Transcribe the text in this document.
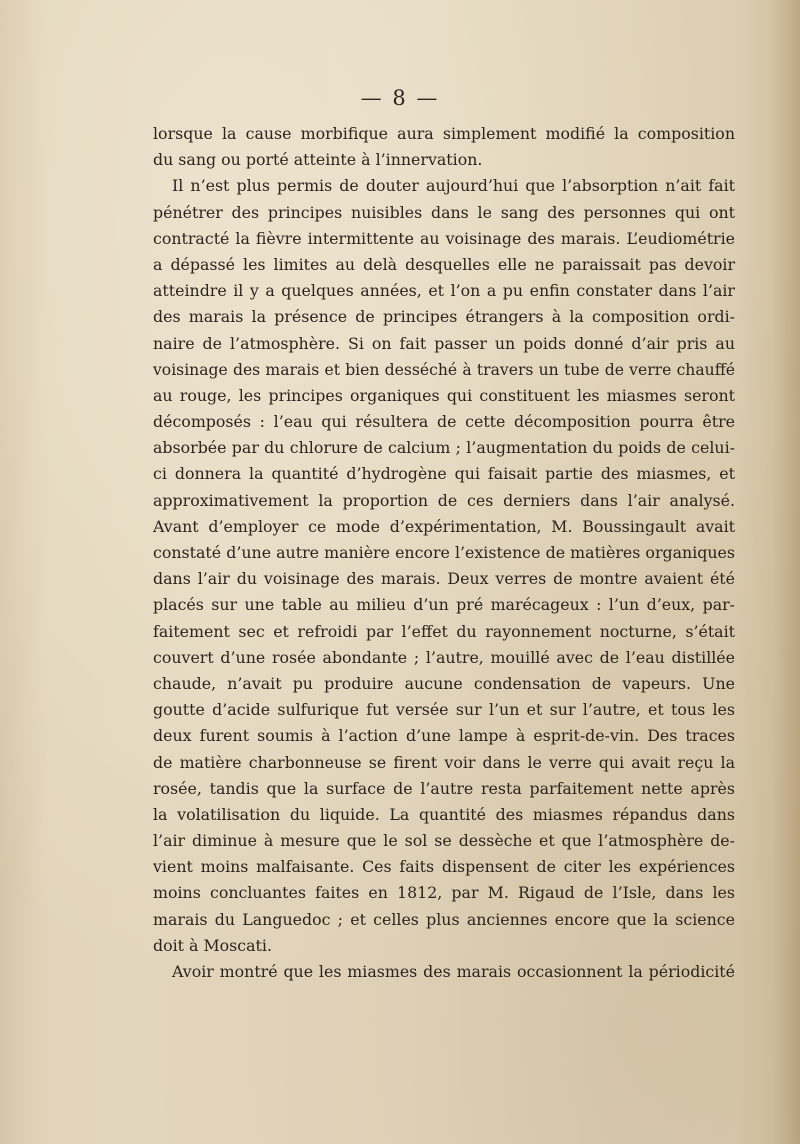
— 8 —
lorsque la cause morbifique aura simplement modifié la composition
du sang ou porté atteinte à l’innervation.
Il n’est plus permis de douter aujourd’hui que l’absorption n’ait fait
pénétrer des principes nuisibles dans le sang des personnes qui ont
contracté la fièvre intermittente au voisinage des marais. L’eudiométrie
a dépassé les limites au delà desquelles elle ne paraissait pas devoir
atteindre il y a quelques années, et l’on a pu enfin constater dans l’air
des marais la présence de principes étrangers à la composition ordi-
naire de l’atmosphère. Si on fait passer un poids donné d’air pris au
voisinage des marais et bien desséché à travers un tube de verre chauffé
au rouge, les principes organiques qui constituent les miasmes seront
décomposés : l’eau qui résultera de cette décomposition pourra être
absorbée par du chlorure de calcium ; l’augmentation du poids de celui-
ci donnera la quantité d’hydrogène qui faisait partie des miasmes, et
approximativement la proportion de ces derniers dans l’air analysé.
Avant d’employer ce mode d’expérimentation, M. Boussingault avait
constaté d’une autre manière encore l’existence de matières organiques
dans l’air du voisinage des marais. Deux verres de montre avaient été
placés sur une table au milieu d’un pré marécageux : l’un d’eux, par-
faitement sec et refroidi par l’effet du rayonnement nocturne, s’était
couvert d’une rosée abondante ; l’autre, mouillé avec de l’eau distillée
chaude, n’avait pu produire aucune condensation de vapeurs. Une
goutte d’acide sulfurique fut versée sur l’un et sur l’autre, et tous les
deux furent soumis à l’action d’une lampe à esprit-de-vin. Des traces
de matière charbonneuse se firent voir dans le verre qui avait reçu la
rosée, tandis que la surface de l’autre resta parfaitement nette après
la volatilisation du liquide. La quantité des miasmes répandus dans
l’air diminue à mesure que le sol se dessèche et que l’atmosphère de-
vient moins malfaisante. Ces faits dispensent de citer les expériences
moins concluantes faites en 1812, par M. Rigaud de l’Isle, dans les
marais du Languedoc ; et celles plus anciennes encore que la science
doit à Moscati.
Avoir montré que les miasmes des marais occasionnent la périodicité
